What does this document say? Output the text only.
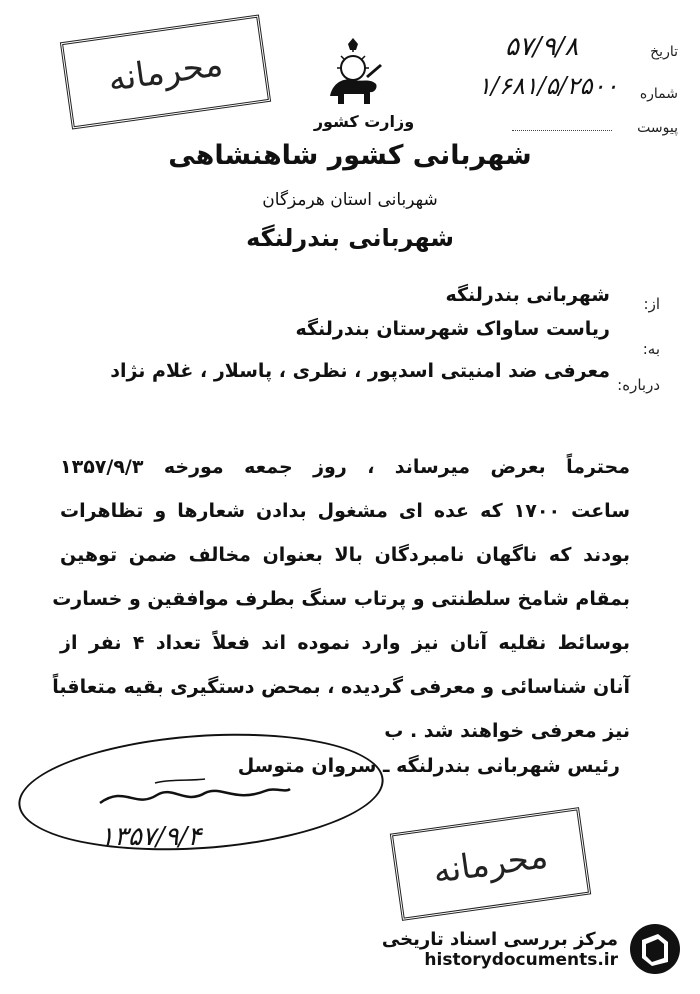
محرمانه	تاریخ
۵۷/۹/۸
شماره
۱/۶۸۱/۵/۲۵۰۰
پیوست
وزارت کشور
شهربانی کشور شاهنشاهی
شهربانی استان هرمزگان
شهربانی بندرلنگه
از:
شهربانی بندرلنگه
به:
ریاست ساواک شهرستان بندرلنگه
درباره:
معرفی ضد امنیتی اسدپور ، نظری ، پاسلار ، غلام نژاد
محترماً بعرض میرساند ، روز جمعه مورخه ۱۳۵۷/۹/۳
ساعت ۱۷۰۰ که عده ای مشغول بدادن شعارها و تظاهرات
بودند که ناگهان نامبردگان بالا بعنوان مخالف ضمن توهین
بمقام شامخ سلطنتی و پرتاب سنگ بطرف موافقین و خسارت
بوسائط نقلیه آنان نیز وارد نموده اند فعلاً تعداد ۴ نفر از
آنان شناسائی و معرفی گردیده ، بمحض دستگیری بقیه متعاقباً
نیز معرفی خواهند شد . ب
رئیس شهربانی بندرلنگه ـ سروان متوسل
۱۳۵۷/۹/۴	محرمانه
مرکز بررسی اسناد تاریخی
historydocuments.ir
